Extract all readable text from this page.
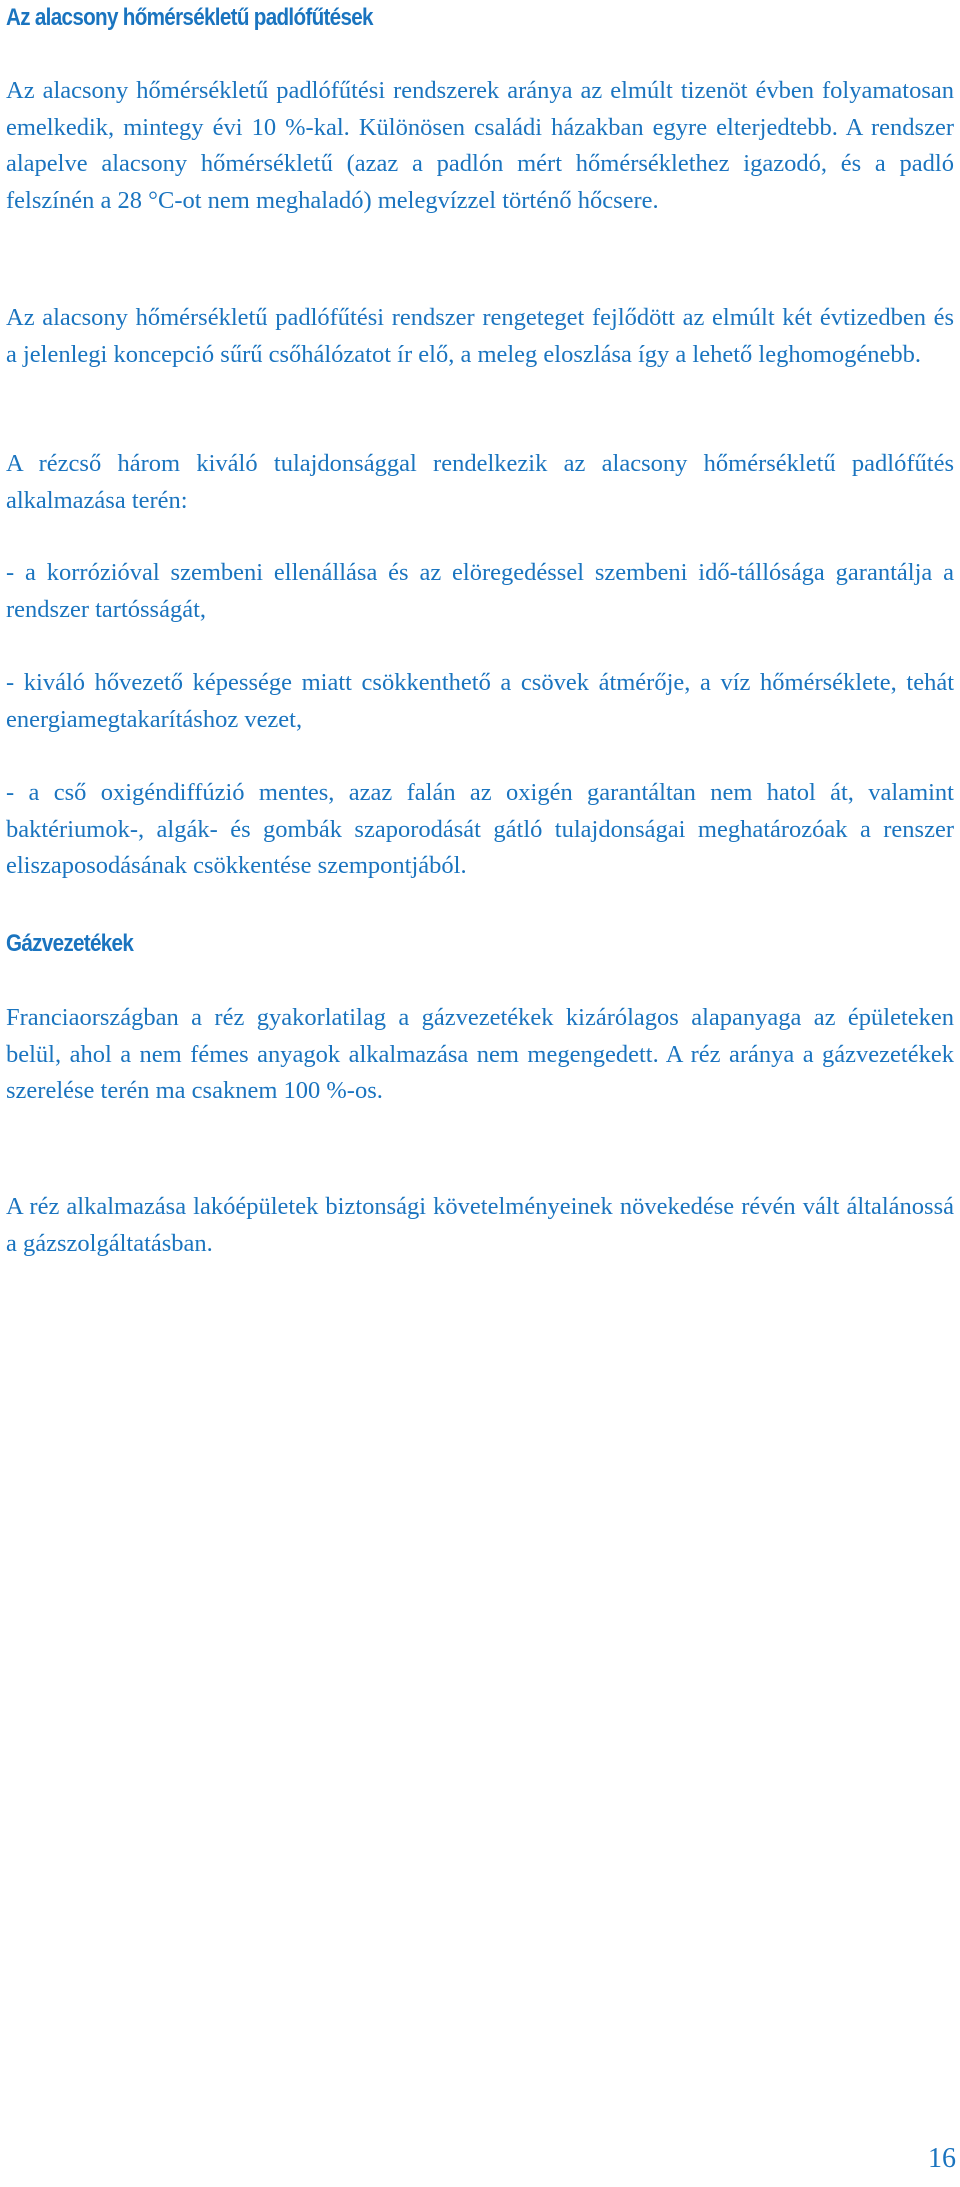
Az alacsony hőmérsékletű padlófűtések

Az alacsony hőmérsékletű padlófűtési rendszerek aránya az elmúlt tizenöt évben folyamatosan emelkedik, mintegy évi 10 %-kal. Különösen családi házakban egyre elterjedtebb. A rendszer alapelve alacsony hőmérsékletű (azaz a padlón mért hőmérséklethez igazodó, és a padló felszínén a 28 °C-ot nem meghaladó) melegvízzel történő hőcsere.

Az alacsony hőmérsékletű padlófűtési rendszer rengeteget fejlődött az elmúlt két évtizedben és a jelenlegi koncepció sűrű csőhálózatot ír elő, a meleg eloszlása így a lehető leghomogénebb.

A rézcső három kiváló tulajdonsággal rendelkezik az alacsony hőmérsékletű padlófűtés alkalmazása terén:

- a korrózióval szembeni ellenállása és az elöregedéssel szembeni idő-tállósága garantálja a rendszer tartósságát,

- kiváló hővezető képessége miatt csökkenthető a csövek átmérője, a víz hőmérséklete, tehát energiamegtakarításhoz vezet,

- a cső oxigéndiffúzió mentes, azaz falán az oxigén garantáltan nem hatol át, valamint baktériumok-, algák- és gombák szaporodását gátló tulajdonságai meghatározóak a renszer eliszaposodásának csökkentése szempontjából.

Gázvezetékek

Franciaországban a réz gyakorlatilag a gázvezetékek kizárólagos alapanyaga az épületeken belül, ahol a nem fémes anyagok alkalmazása nem megengedett. A réz aránya a gázvezetékek szerelése terén ma csaknem 100 %-os.

A réz alkalmazása lakóépületek biztonsági követelményeinek növekedése révén vált általánossá a gázszolgáltatásban.

16
